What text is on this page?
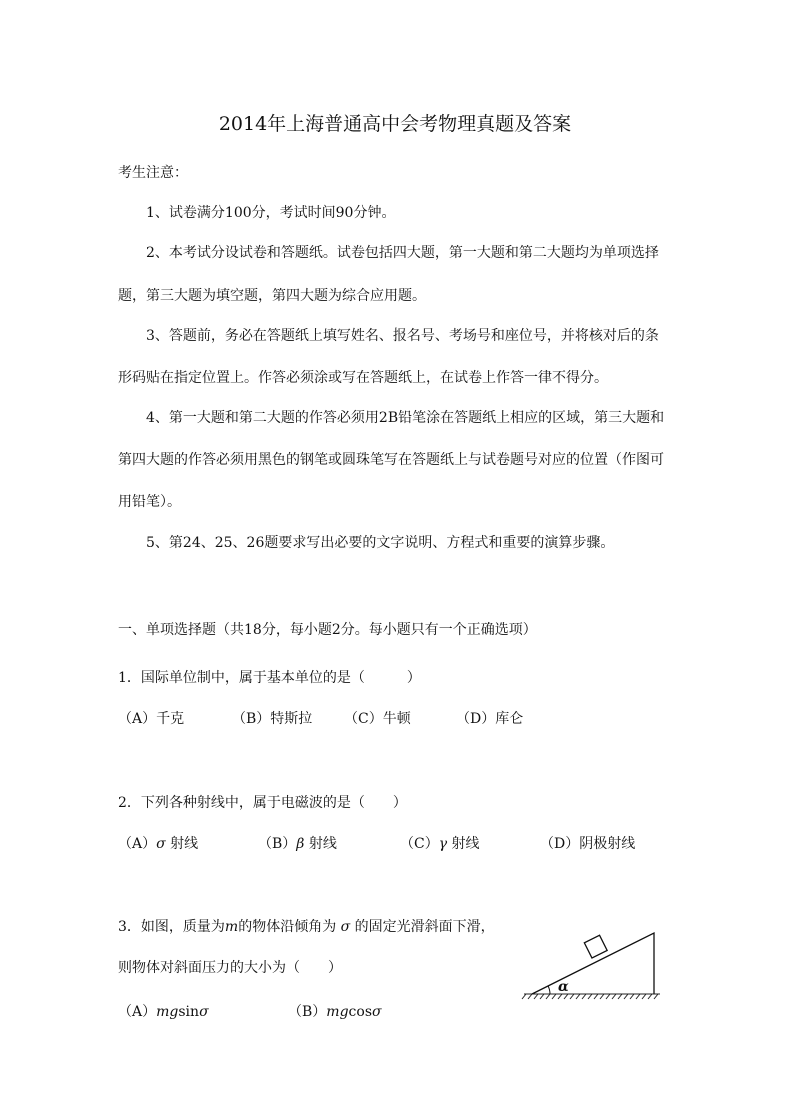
2014年上海普通高中会考物理真题及答案
考生注意：
1、试卷满分100分，考试时间90分钟。
2、本考试分设试卷和答题纸。试卷包括四大题，第一大题和第二大题均为单项选择
题，第三大题为填空题，第四大题为综合应用题。
3、答题前，务必在答题纸上填写姓名、报名号、考场号和座位号，并将核对后的条
形码贴在指定位置上。作答必须涂或写在答题纸上，在试卷上作答一律不得分。
4、第一大题和第二大题的作答必须用2B铅笔涂在答题纸上相应的区域，第三大题和
第四大题的作答必须用黑色的钢笔或圆珠笔写在答题纸上与试卷题号对应的位置（作图可
用铅笔）。
5、第24、25、26题要求写出必要的文字说明、方程式和重要的演算步骤。
一、单项选择题（共18分，每小题2分。每小题只有一个正确选项）
1．国际单位制中，属于基本单位的是（　　　）
（A）千克	（B）特斯拉 （C）牛顿	（D）库仑
2．下列各种射线中，属于电磁波的是（　　）
（A）σ 射线	（B）β 射线	（C）γ 射线	（D）阴极射线
3．如图，质量为m的物体沿倾角为 σ 的固定光滑斜面下滑，
则物体对斜面压力的大小为（　　）
（A）mgsinσ	（B）mgcosσ
α
